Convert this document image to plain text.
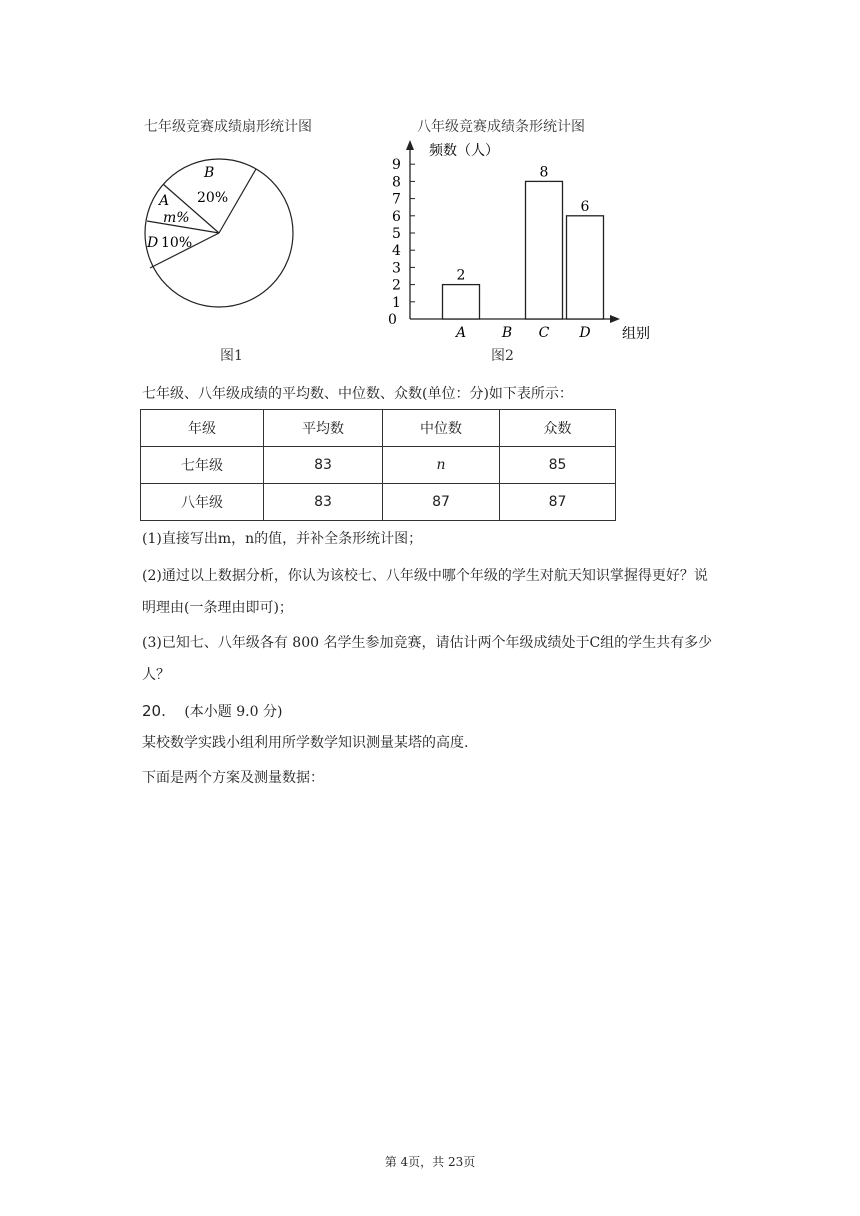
七年级竞赛成绩扇形统计图
B
20%
A
m%
D 10%
图1
八年级竞赛成绩条形统计图
0
1
2
3
4
5
6
7
8
9
2
A	B
8
C
6
D
频数（人）
组别
图2
七年级、八年级成绩的平均数、中位数、众数(单位：分)如下表所示：
年级	平均数	中位数	众数
七年级	83	n	85
八年级	83	87	87
(1)直接写出m，n的值，并补全条形统计图；
(2)通过以上数据分析，你认为该校七、八年级中哪个年级的学生对航天知识掌握得更好？说
明理由(一条理由即可)；
(3)已知七、八年级各有 800 名学生参加竞赛，请估计两个年级成绩处于C组的学生共有多少
人？
20. (本小题 9.0 分)
某校数学实践小组利用所学数学知识测量某塔的高度.
下面是两个方案及测量数据：
第 4页，共 23页
